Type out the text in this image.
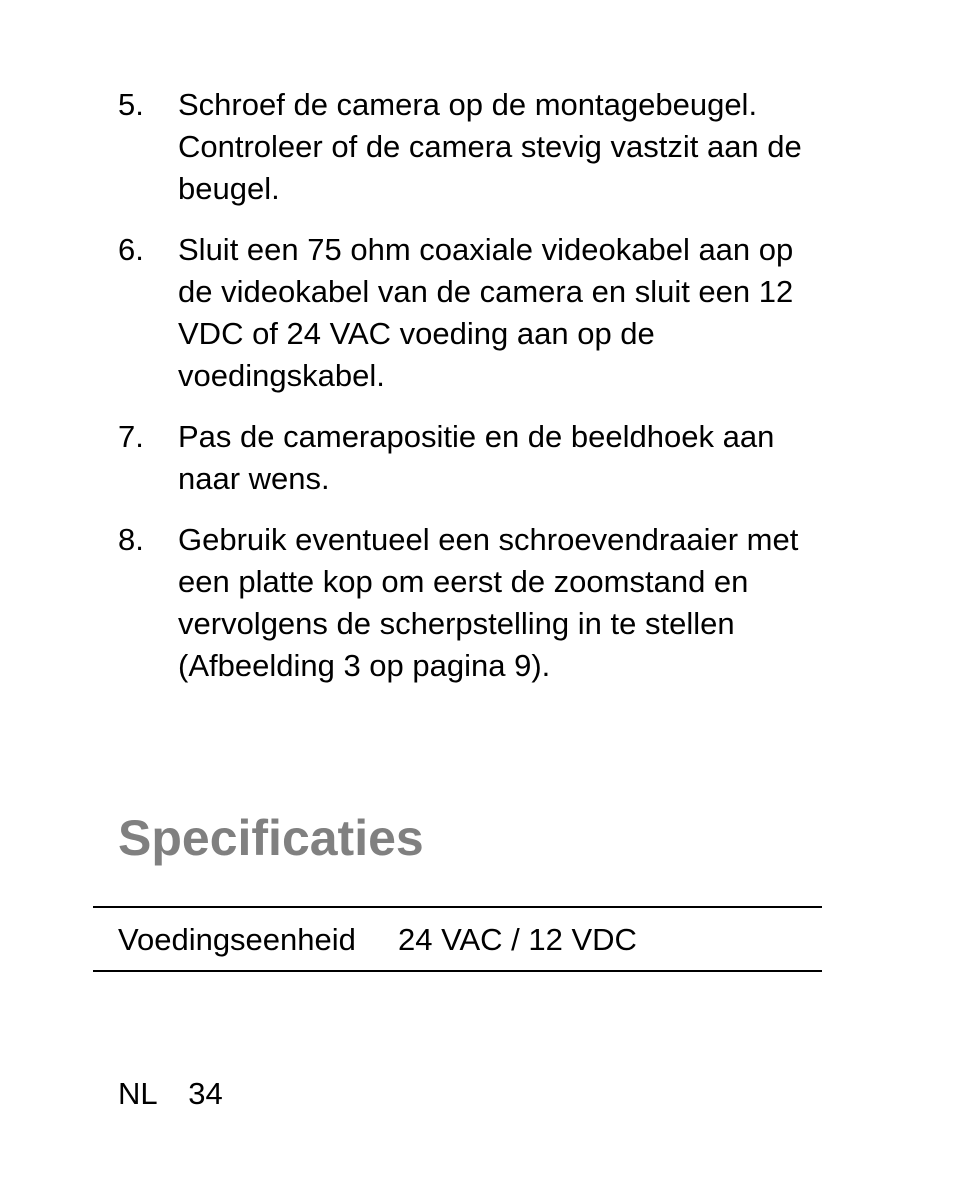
5.	Schroef de camera op de montagebeugel. Controleer of de camera stevig vastzit aan de beugel.
6.	Sluit een 75 ohm coaxiale videokabel aan op de videokabel van de camera en sluit een 12 VDC of 24 VAC voeding aan op de voedingskabel.
7.	Pas de camerapositie en de beeldhoek aan naar wens.
8.	Gebruik eventueel een schroevendraaier met een platte kop om eerst de zoomstand en vervolgens de scherpstelling in te stellen (Afbeelding 3 op pagina 9).
Specificaties
Voedingseenheid	24 VAC / 12 VDC
NL 34
